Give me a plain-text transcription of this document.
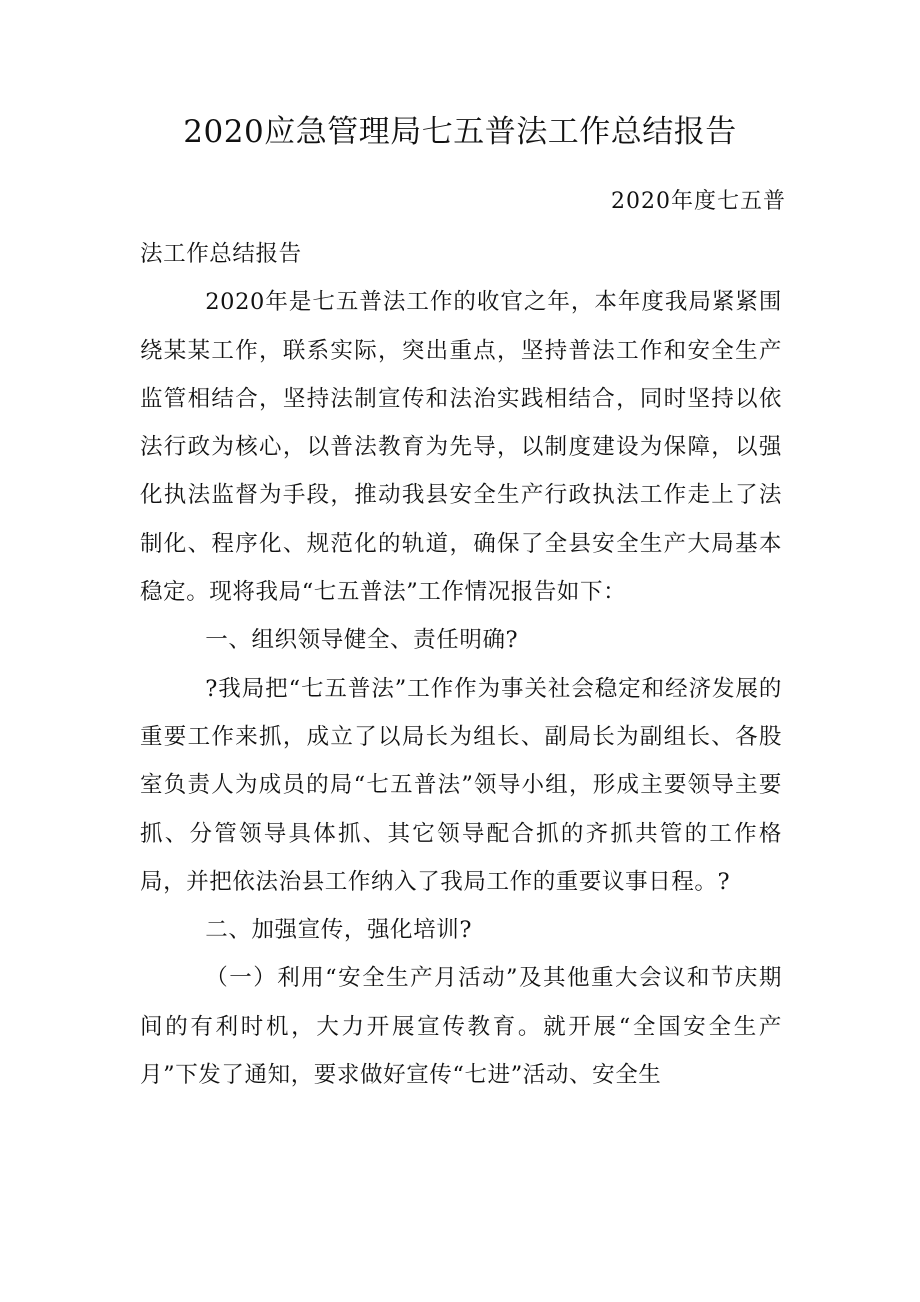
2020应急管理局七五普法工作总结报告
2020年度七五普

法工作总结报告

2020年是七五普法工作的收官之年，本年度我局紧紧围绕某某工作，联系实际，突出重点，坚持普法工作和安全生产监管相结合，坚持法制宣传和法治实践相结合，同时坚持以依法行政为核心，以普法教育为先导，以制度建设为保障，以强化执法监督为手段，推动我县安全生产行政执法工作走上了法制化、程序化、规范化的轨道，确保了全县安全生产大局基本稳定。现将我局“七五普法”工作情况报告如下：

一、组织领导健全、责任明确?

?我局把“七五普法”工作作为事关社会稳定和经济发展的重要工作来抓，成立了以局长为组长、副局长为副组长、各股室负责人为成员的局“七五普法”领导小组，形成主要领导主要抓、分管领导具体抓、其它领导配合抓的齐抓共管的工作格局，并把依法治县工作纳入了我局工作的重要议事日程。?

二、加强宣传，强化培训?

（一）利用“安全生产月活动”及其他重大会议和节庆期间的有利时机，大力开展宣传教育。就开展“全国安全生产月”下发了通知，要求做好宣传“七进”活动、安全生
